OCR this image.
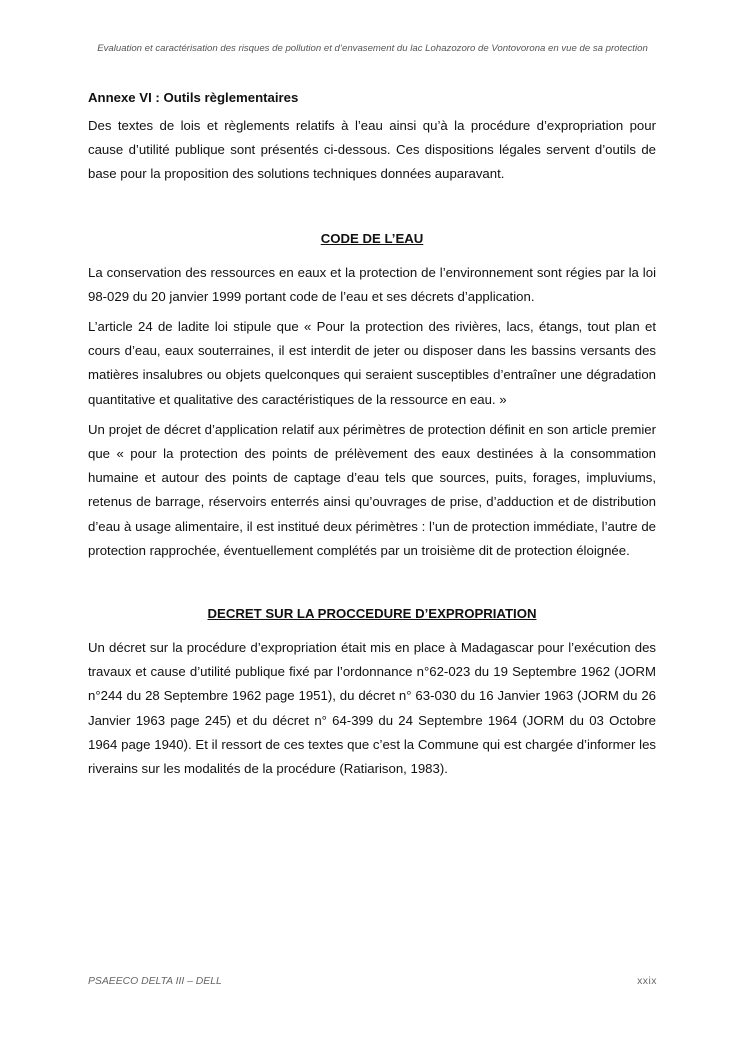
Evaluation et caractérisation des risques de pollution et d’envasement du lac Lohazozoro de Vontovorona en vue de sa protection
Annexe VI : Outils règlementaires

Des textes de lois et règlements relatifs à l’eau ainsi qu’à la procédure d’expropriation pour cause d’utilité publique sont présentés ci-dessous. Ces dispositions légales servent d’outils de base pour la proposition des solutions techniques données auparavant.

CODE DE L’EAU

La conservation des ressources en eaux et la protection de l’environnement sont régies par la loi 98-029 du 20 janvier 1999 portant code de l’eau et ses décrets d’application.

L’article 24 de ladite loi stipule que « Pour la protection des rivières, lacs, étangs, tout plan et cours d’eau, eaux souterraines, il est interdit de jeter ou disposer dans les bassins versants des matières insalubres ou objets quelconques qui seraient susceptibles d’entraîner une dégradation quantitative et qualitative des caractéristiques de la ressource en eau. »

Un projet de décret d’application relatif aux périmètres de protection définit en son article premier que « pour la protection des points de prélèvement des eaux destinées à la consommation humaine et autour des points de captage d’eau tels que sources, puits, forages, impluviums, retenus de barrage, réservoirs enterrés ainsi qu’ouvrages de prise, d’adduction et de distribution d’eau à usage alimentaire, il est institué deux périmètres : l’un de protection immédiate, l’autre de protection rapprochée, éventuellement complétés par un troisième dit de protection éloignée.

DECRET SUR LA PROCCEDURE D’EXPROPRIATION

Un décret sur la procédure d’expropriation était mis en place à Madagascar pour l’exécution des travaux et cause d’utilité publique fixé par l’ordonnance n°62-023 du 19 Septembre 1962 (JORM n°244 du 28 Septembre 1962 page 1951), du décret n° 63-030 du 16 Janvier 1963 (JORM du 26 Janvier 1963 page 245) et du décret n° 64-399 du 24 Septembre 1964 (JORM du 03 Octobre 1964 page 1940). Et il ressort de ces textes que c’est la Commune qui est chargée d’informer les riverains sur les modalités de la procédure (Ratiarison, 1983).

PSAEECO DELTA III – DELL	xxix
